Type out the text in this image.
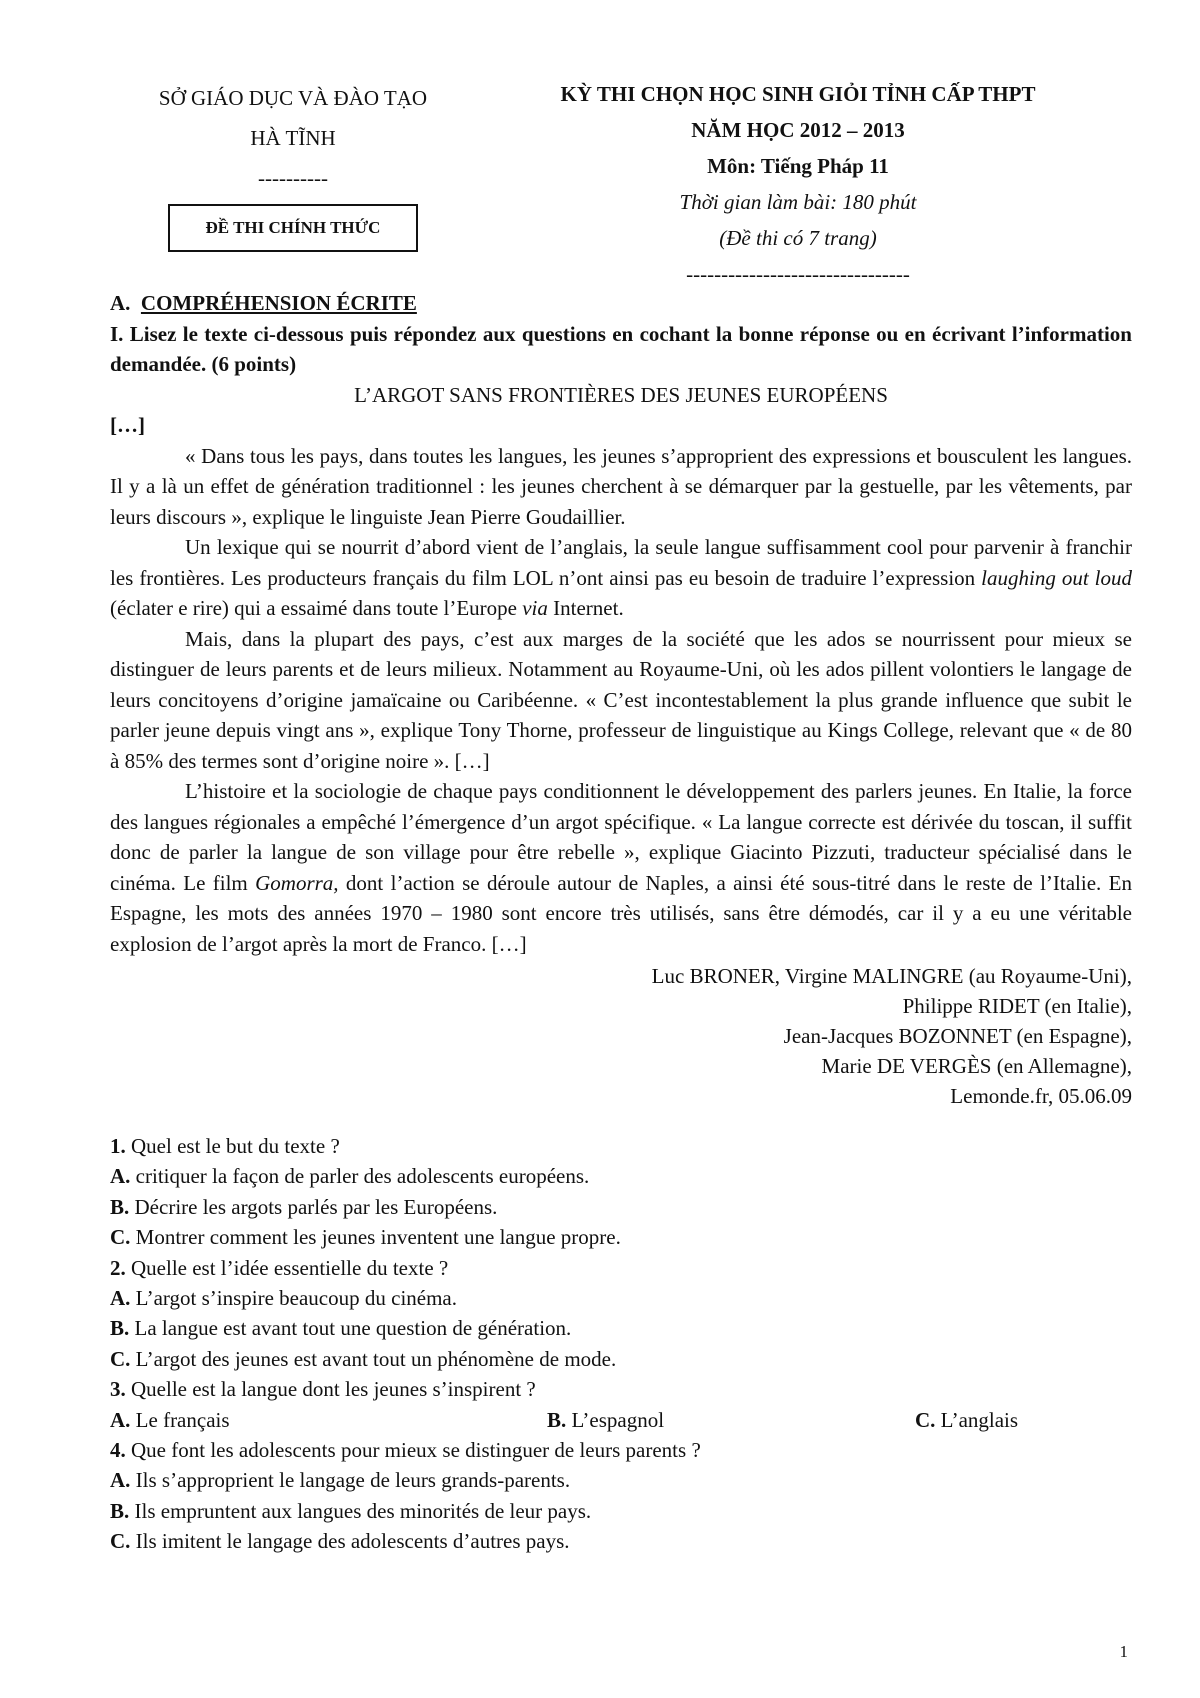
SỞ GIÁO DỤC VÀ ĐÀO TẠO
HÀ TĨNH
----------
ĐỀ THI CHÍNH THỨC
KỲ THI CHỌN HỌC SINH GIỎI TỈNH CẤP THPT
NĂM HỌC 2012 – 2013
Môn: Tiếng Pháp 11
Thời gian làm bài: 180 phút
(Đề thi có 7 trang)
--------------------------------
A. COMPRÉHENSION ÉCRITE

I. Lisez le texte ci-dessous puis répondez aux questions en cochant la bonne réponse ou en écrivant l’information demandée. (6 points)

L’ARGOT SANS FRONTIÈRES DES JEUNES EUROPÉENS
[…]

« Dans tous les pays, dans toutes les langues, les jeunes s’approprient des expressions et bousculent les langues. Il y a là un effet de génération traditionnel : les jeunes cherchent à se démarquer par la gestuelle, par les vêtements, par leurs discours », explique le linguiste Jean Pierre Goudaillier.

Un lexique qui se nourrit d’abord vient de l’anglais, la seule langue suffisamment cool pour parvenir à franchir les frontières. Les producteurs français du film LOL n’ont ainsi pas eu besoin de traduire l’expression laughing out loud (éclater e rire) qui a essaimé dans toute l’Europe via Internet.

Mais, dans la plupart des pays, c’est aux marges de la société que les ados se nourrissent pour mieux se distinguer de leurs parents et de leurs milieux. Notamment au Royaume-Uni, où les ados pillent volontiers le langage de leurs concitoyens d’origine jamaïcaine ou Caribéenne. « C’est incontestablement la plus grande influence que subit le parler jeune depuis vingt ans », explique Tony Thorne, professeur de linguistique au Kings College, relevant que « de 80 à 85% des termes sont d’origine noire ». […]

L’histoire et la sociologie de chaque pays conditionnent le développement des parlers jeunes. En Italie, la force des langues régionales a empêché l’émergence d’un argot spécifique. « La langue correcte est dérivée du toscan, il suffit donc de parler la langue de son village pour être rebelle », explique Giacinto Pizzuti, traducteur spécialisé dans le cinéma. Le film Gomorra, dont l’action se déroule autour de Naples, a ainsi été sous-titré dans le reste de l’Italie. En Espagne, les mots des années 1970 – 1980 sont encore très utilisés, sans être démodés, car il y a eu une véritable explosion de l’argot après la mort de Franco. […]

Luc BRONER, Virgine MALINGRE (au Royaume-Uni),
Philippe RIDET (en Italie),
Jean-Jacques BOZONNET (en Espagne),
Marie DE VERGÈS (en Allemagne),
Lemonde.fr, 05.06.09
1. Quel est le but du texte ?
A. critiquer la façon de parler des adolescents européens.
B. Décrire les argots parlés par les Européens.
C. Montrer comment les jeunes inventent une langue propre.
2. Quelle est l’idée essentielle du texte ?
A. L’argot s’inspire beaucoup du cinéma.
B. La langue est avant tout une question de génération.
C. L’argot des jeunes est avant tout un phénomène de mode.
3. Quelle est la langue dont les jeunes s’inspirent ?
A. Le français	B. L’espagnol	C. L’anglais
4. Que font les adolescents pour mieux se distinguer de leurs parents ?
A. Ils s’approprient le langage de leurs grands-parents.
B. Ils empruntent aux langues des minorités de leur pays.
C. Ils imitent le langage des adolescents d’autres pays.
1
